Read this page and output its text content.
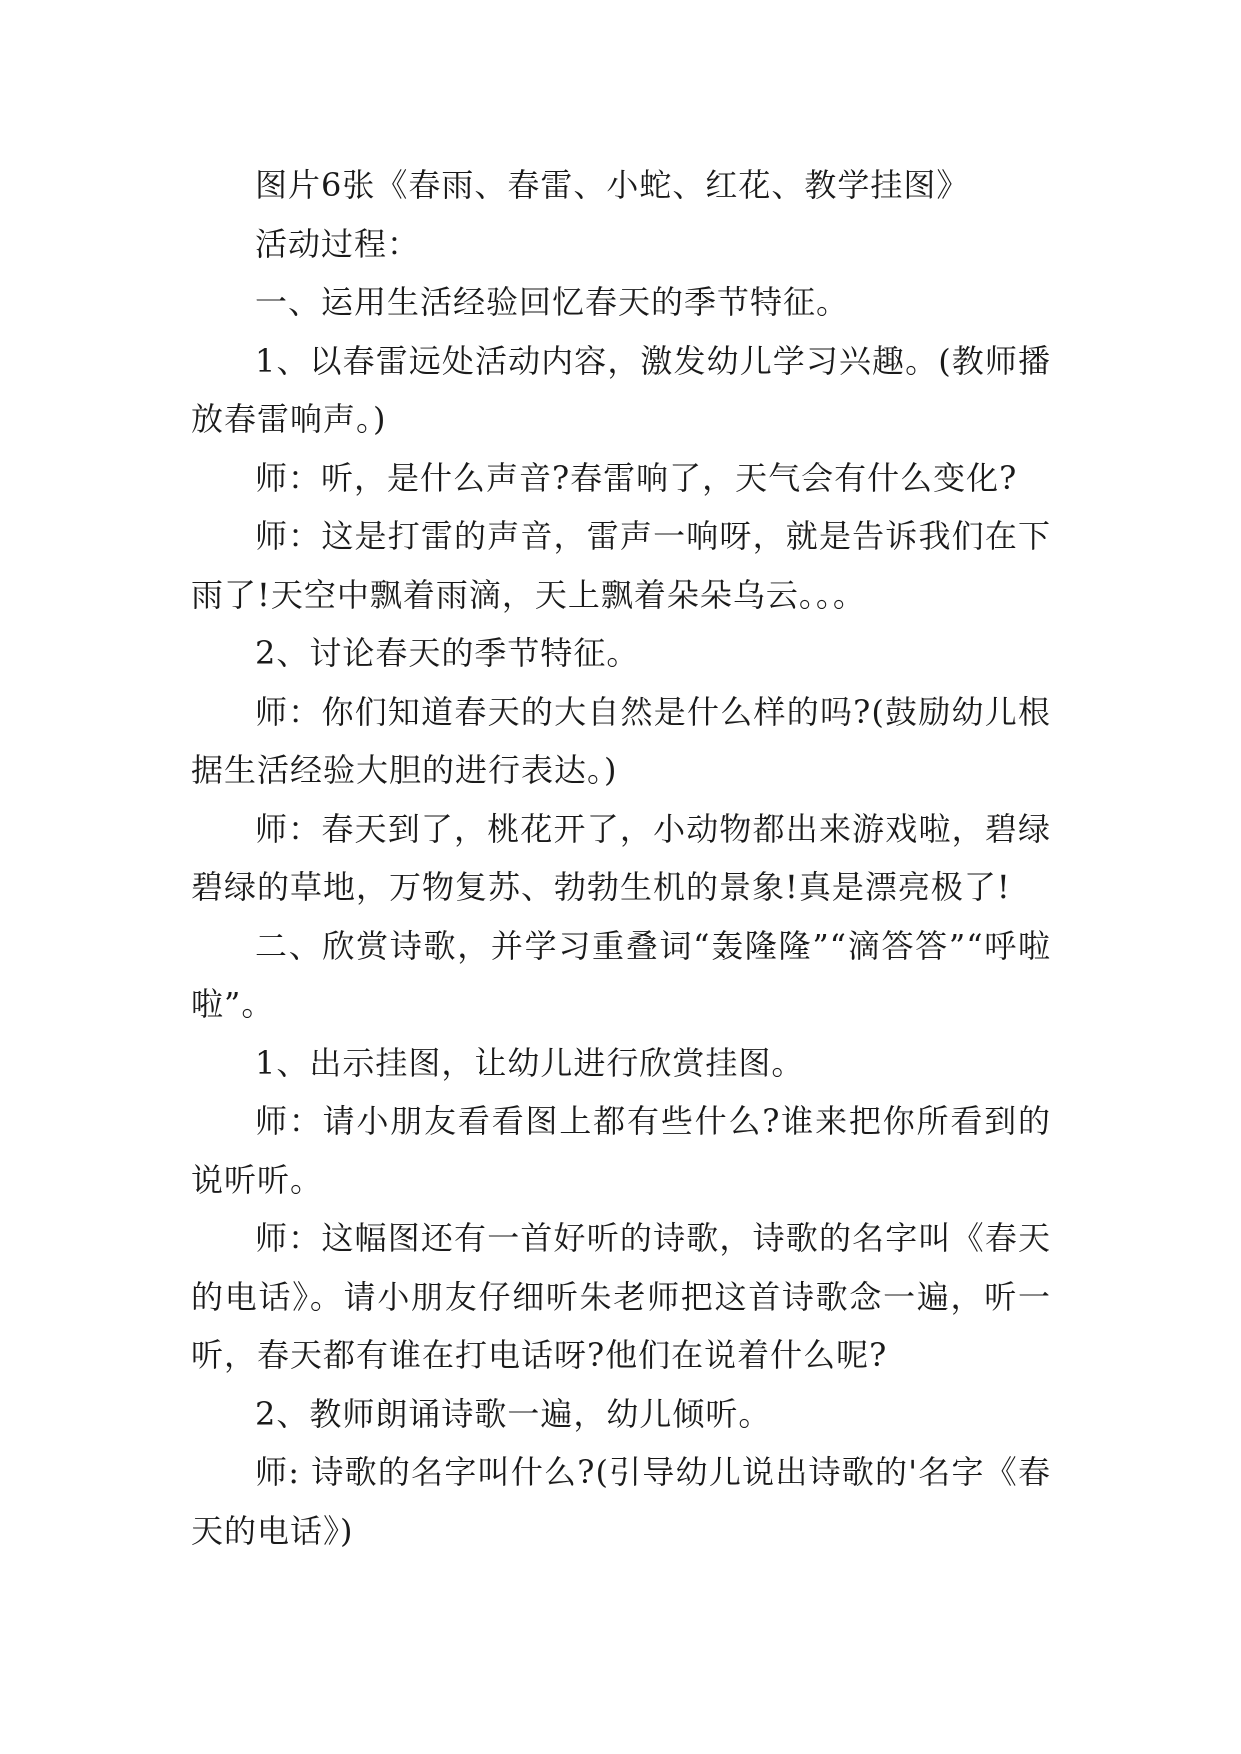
图片6张《春雨、春雷、小蛇、红花、教学挂图》

活动过程：

一、运用生活经验回忆春天的季节特征。

1、以春雷远处活动内容，激发幼儿学习兴趣。(教师播放春雷响声。)

师：听，是什么声音?春雷响了，天气会有什么变化?

师：这是打雷的声音，雷声一响呀，就是告诉我们在下雨了!天空中飘着雨滴，天上飘着朵朵乌云。。。

2、讨论春天的季节特征。

师：你们知道春天的大自然是什么样的吗?(鼓励幼儿根据生活经验大胆的进行表达。)

师：春天到了，桃花开了，小动物都出来游戏啦，碧绿碧绿的草地，万物复苏、勃勃生机的景象!真是漂亮极了!

二、欣赏诗歌，并学习重叠词“轰隆隆”“滴答答”“呼啦啦”。

1、出示挂图，让幼儿进行欣赏挂图。

师：请小朋友看看图上都有些什么?谁来把你所看到的说听听。

师：这幅图还有一首好听的诗歌，诗歌的名字叫《春天的电话》。请小朋友仔细听朱老师把这首诗歌念一遍，听一听，春天都有谁在打电话呀?他们在说着什么呢?

2、教师朗诵诗歌一遍，幼儿倾听。

师: 诗歌的名字叫什么?(引导幼儿说出诗歌的'名字《春天的电话》)
